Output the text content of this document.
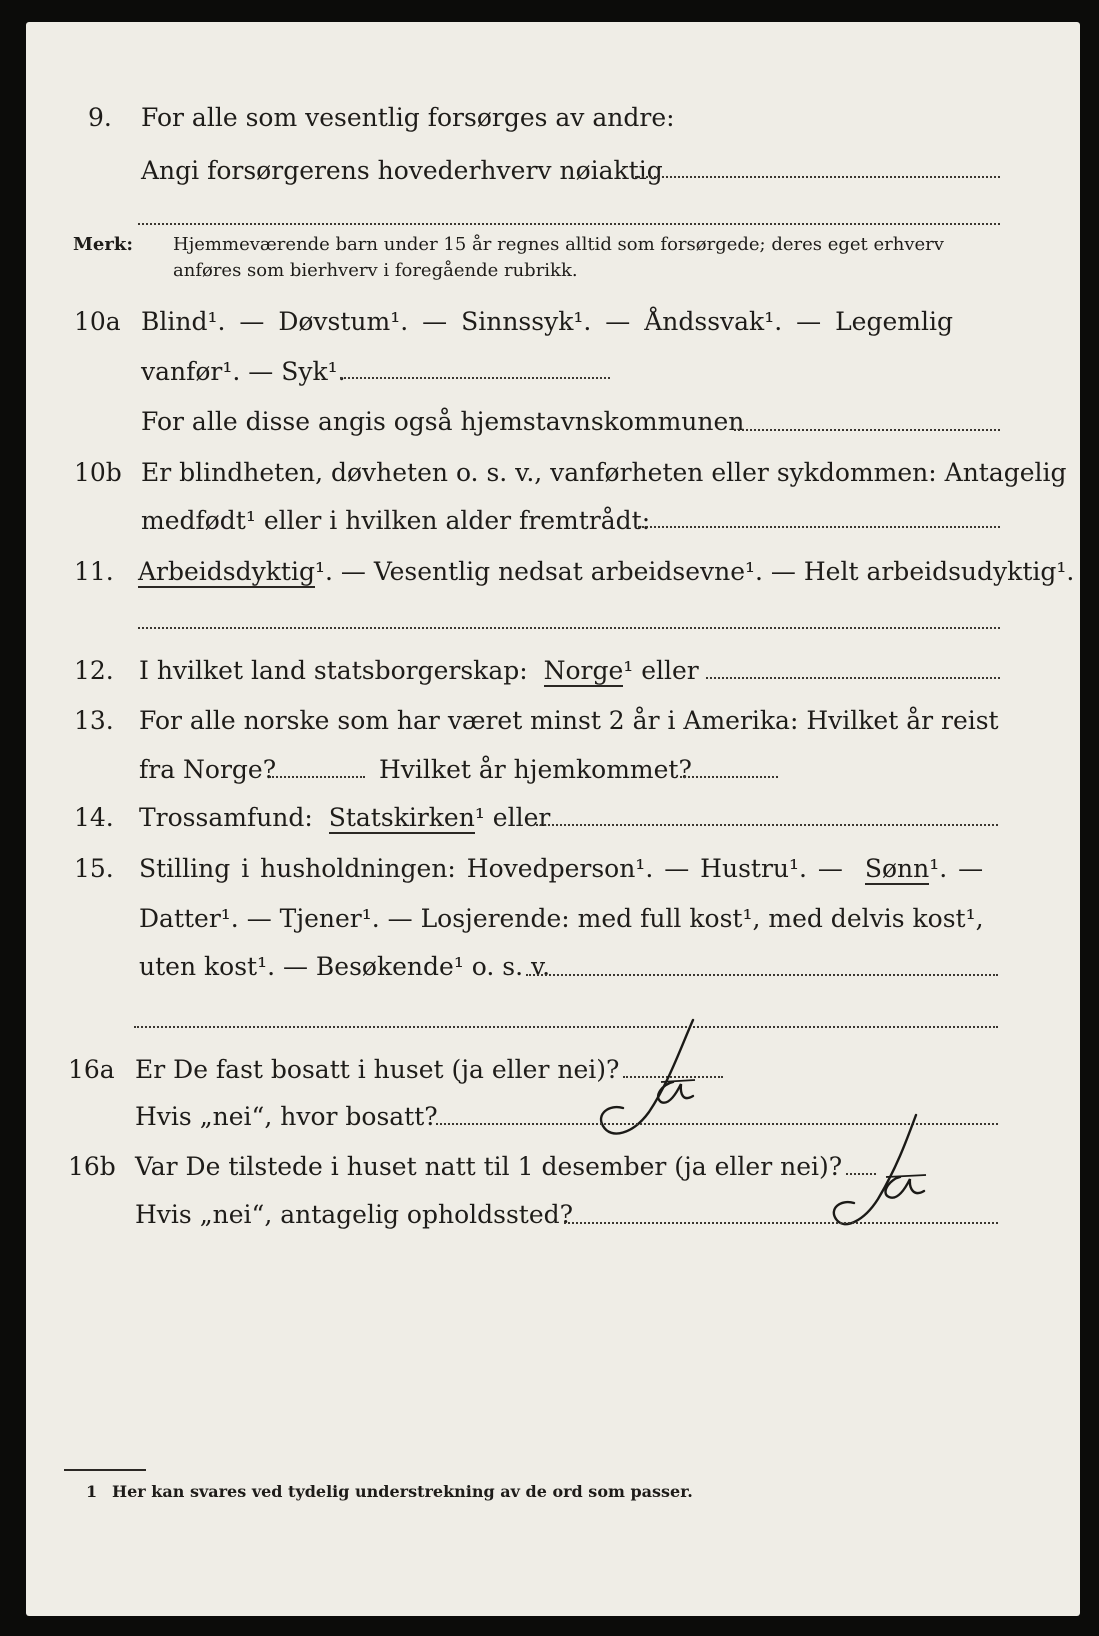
9. For alle som vesentlig forsørges av andre:
Angi forsørgerens hovederhverv nøiaktig
Merk: Hjemmeværende barn under 15 år regnes alltid som forsørgede; deres eget erhverv
anføres som bierhverv i foregående rubrikk.
10a Blind¹. — Døvstum¹. — Sinnssyk¹. — Åndssvak¹. — Legemlig
vanfør¹. — Syk¹.
For alle disse angis også hjemstavnskommunen
10b Er blindheten, døvheten o. s. v., vanførheten eller sykdommen: Antagelig
medfødt¹ eller i hvilken alder fremtrådt:
11. Arbeidsdyktig¹. — Vesentlig nedsat arbeidsevne¹. — Helt arbeidsudyktig¹.
12. I hvilket land statsborgerskap: Norge¹ eller
13. For alle norske som har været minst 2 år i Amerika: Hvilket år reist
fra Norge?	Hvilket år hjemkommet?
14. Trossamfund: Statskirken¹ eller
15. Stilling i husholdningen: Hovedperson¹. — Hustru¹. — Sønn¹. —
Datter¹. — Tjener¹. — Losjerende: med full kost¹, med delvis kost¹,
uten kost¹. — Besøkende¹ o. s. v.
16a Er De fast bosatt i huset (ja eller nei)?
Hvis „nei“, hvor bosatt?
16b Var De tilstede i huset natt til 1 desember (ja eller nei)?
Hvis „nei“, antagelig opholdssted?
1 Her kan svares ved tydelig understrekning av de ord som passer.
